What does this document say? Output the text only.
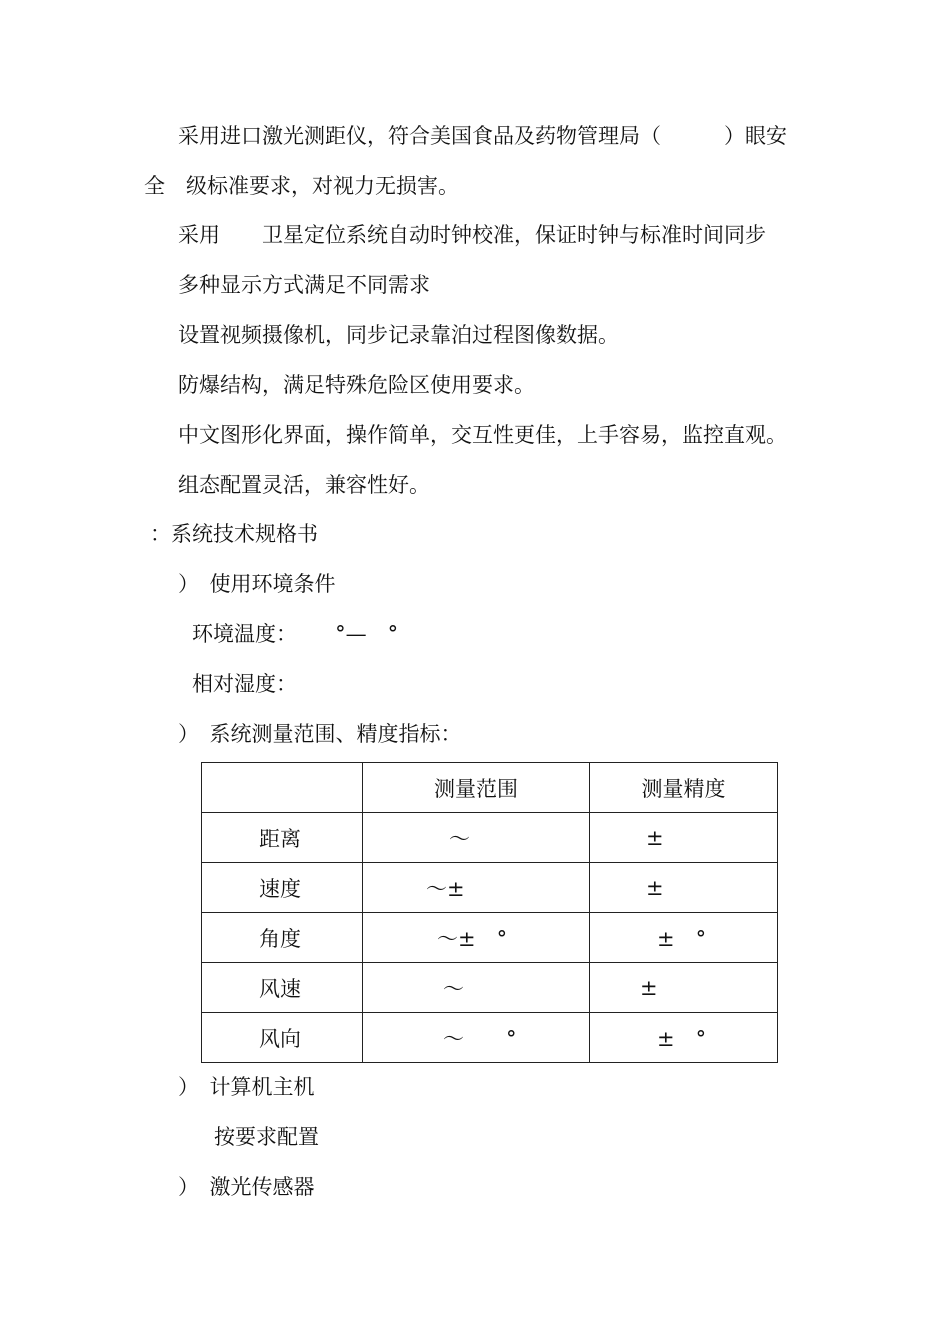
采用进口激光测距仪，符合美国食品及药物管理局（　　　）眼安
全　级标准要求，对视力无损害。
采用　　卫星定位系统自动时钟校准，保证时钟与标准时间同步
多种显示方式满足不同需求
设置视频摄像机，同步记录靠泊过程图像数据。
防爆结构，满足特殊危险区使用要求。
中文图形化界面，操作简单，交互性更佳，上手容易，监控直观。
组态配置灵活，兼容性好。
：系统技术规格书
）　使用环境条件
环境温度：　　 °—　°
相对湿度：
）　系统测量范围、精度指标：
	测量范围	测量精度
距离	～	±
速度	～±	±
角度	～±　°	±　°
风速	～	±
风向	～　　°	±　°
）　计算机主机
按要求配置
）　激光传感器
